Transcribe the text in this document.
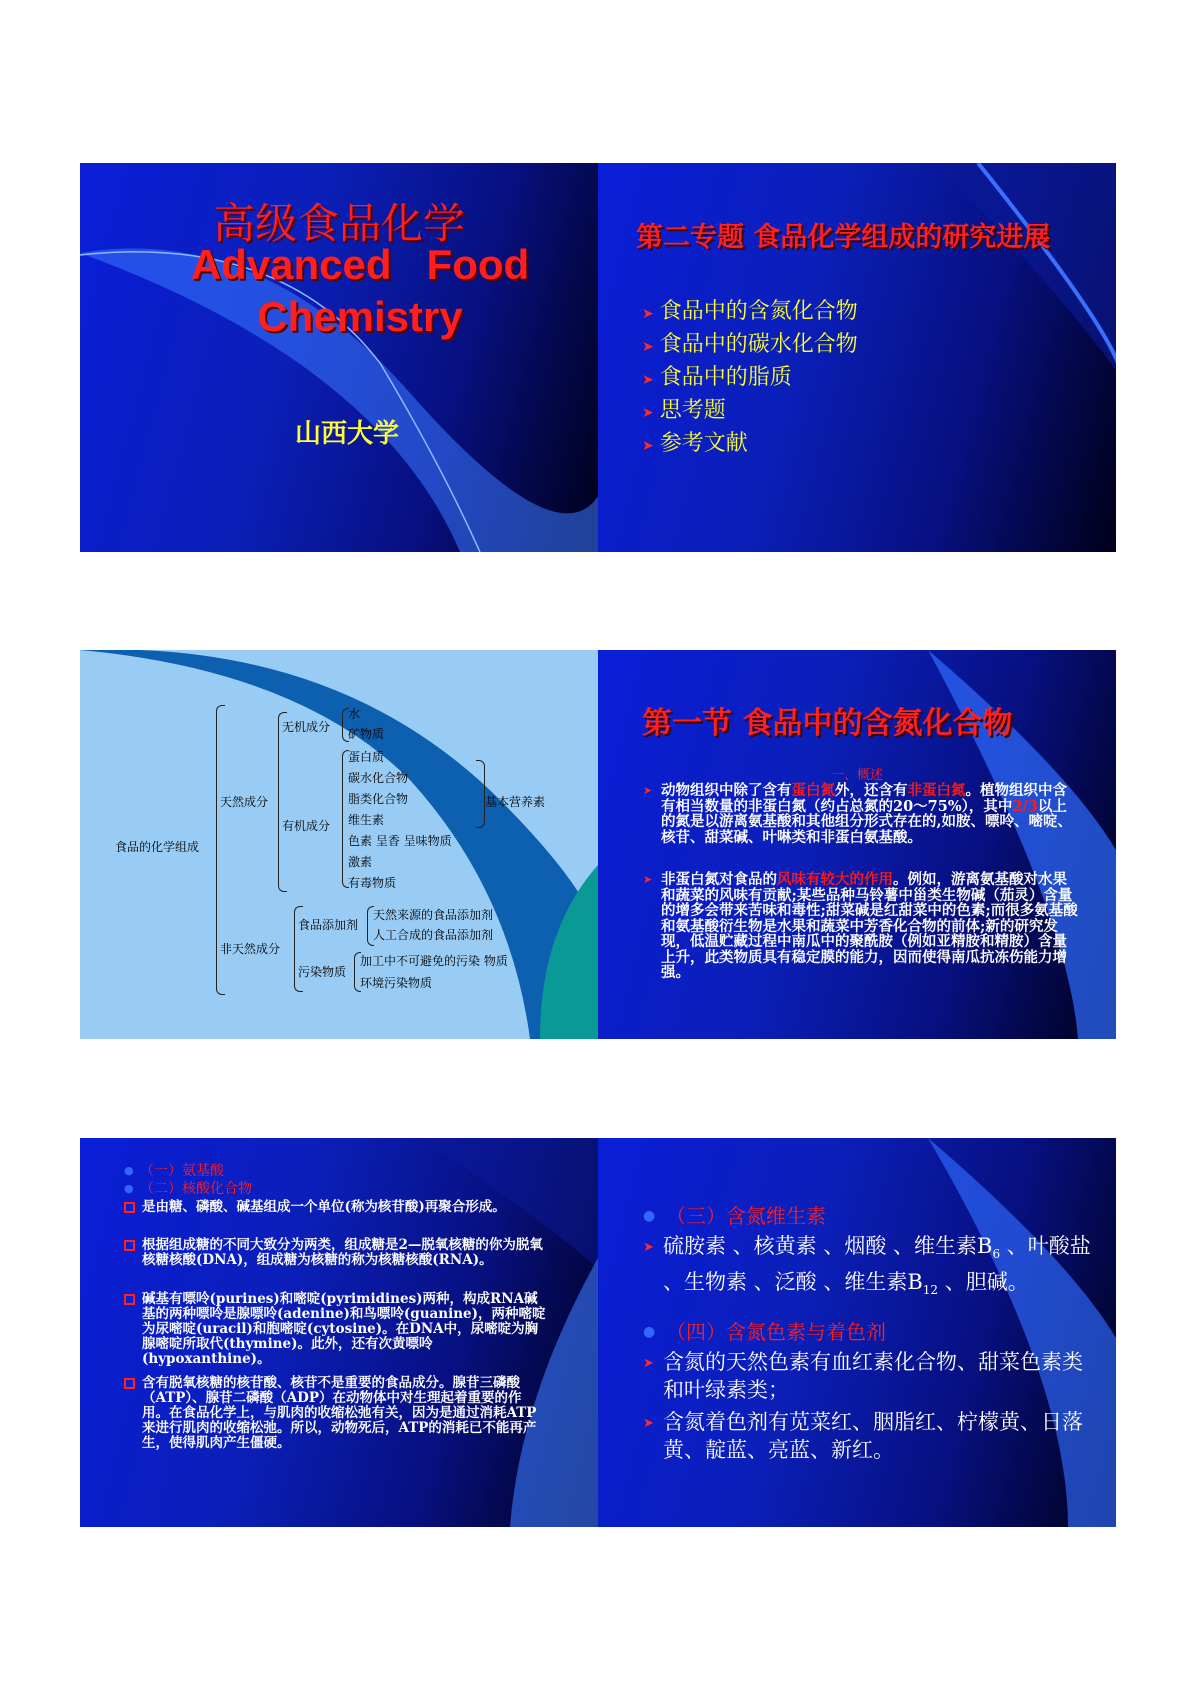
高级食品化学
Advanced   Food
Chemistry
山西大学
第二专题 食品化学组成的研究进展
➤ 食品中的含氮化合物
➤ 食品中的碳水化合物
➤ 食品中的脂质
➤ 思考题
➤ 参考文献
食品的化学组成
天然成分
无机成分
水
矿物质
有机成分
蛋白质
碳水化合物
脂类化合物
维生素
色素 呈香 呈味物质
激素
有毒物质
基本营养素
非天然成分
食品添加剂
天然来源的食品添加剂
人工合成的食品添加剂
污染物质
加工中不可避免的污染 物质
环境污染物质
第一节 食品中的含氮化合物
一、概述
➤ 动物组织中除了含有蛋白氮外，还含有非蛋白氮。植物组织中含有相当数量的非蛋白氮（约占总氮的20～75%），其中2/3以上的氮是以游离氨基酸和其他组分形式存在的,如胺、嘌呤、嘧啶、核苷、甜菜碱、叶啉类和非蛋白氨基酸。
➤ 非蛋白氮对食品的风味有较大的作用。例如，游离氨基酸对水果和蔬菜的风味有贡献;某些品种马铃薯中甾类生物碱（茄灵）含量的增多会带来苦味和毒性;甜菜碱是红甜菜中的色素;而很多氨基酸和氨基酸衍生物是水果和蔬菜中芳香化合物的前体;新的研究发现，低温贮藏过程中南瓜中的聚酰胺（例如亚精胺和精胺）含量上升，此类物质具有稳定膜的能力，因而使得南瓜抗冻伤能力增强。
● （一）氨基酸
● （二）核酸化合物
是由糖、磷酸、碱基组成一个单位(称为核苷酸)再聚合形成。
根据组成糖的不同大致分为两类，组成糖是2—脱氧核糖的你为脱氧核糖核酸(DNA)，组成糖为核糖的称为核糖核酸(RNA)。
碱基有嘌呤(purines)和嘧啶(pyrimidines)两种，构成RNA碱基的两种嘌呤是腺嘌呤(adenine)和鸟嘌呤(guanine)，两种嘧啶为尿嘧啶(uracil)和胞嘧啶(cytosine)。在DNA中，尿嘧啶为胸腺嘧啶所取代(thymine)。此外，还有次黄嘌呤(hypoxanthine)。
含有脱氧核糖的核苷酸、核苷不是重要的食品成分。腺苷三磷酸（ATP）、腺苷二磷酸（ADP）在动物体中对生理起着重要的作用。在食品化学上，与肌肉的收缩松弛有关，因为是通过消耗ATP来进行肌肉的收缩松弛。所以，动物死后，ATP的消耗已不能再产生，使得肌肉产生僵硬。
● （三）含氮维生素
➤ 硫胺素 、核黄素 、烟酸 、维生素$B_6$ 、叶酸盐 、生物素 、泛酸 、维生素$B_{12}$ 、胆碱。
● （四）含氮色素与着色剂
➤ 含氮的天然色素有血红素化合物、甜菜色素类和叶绿素类；
➤ 含氮着色剂有苋菜红、胭脂红、柠檬黄、日落黄、靛蓝、亮蓝、新红。
